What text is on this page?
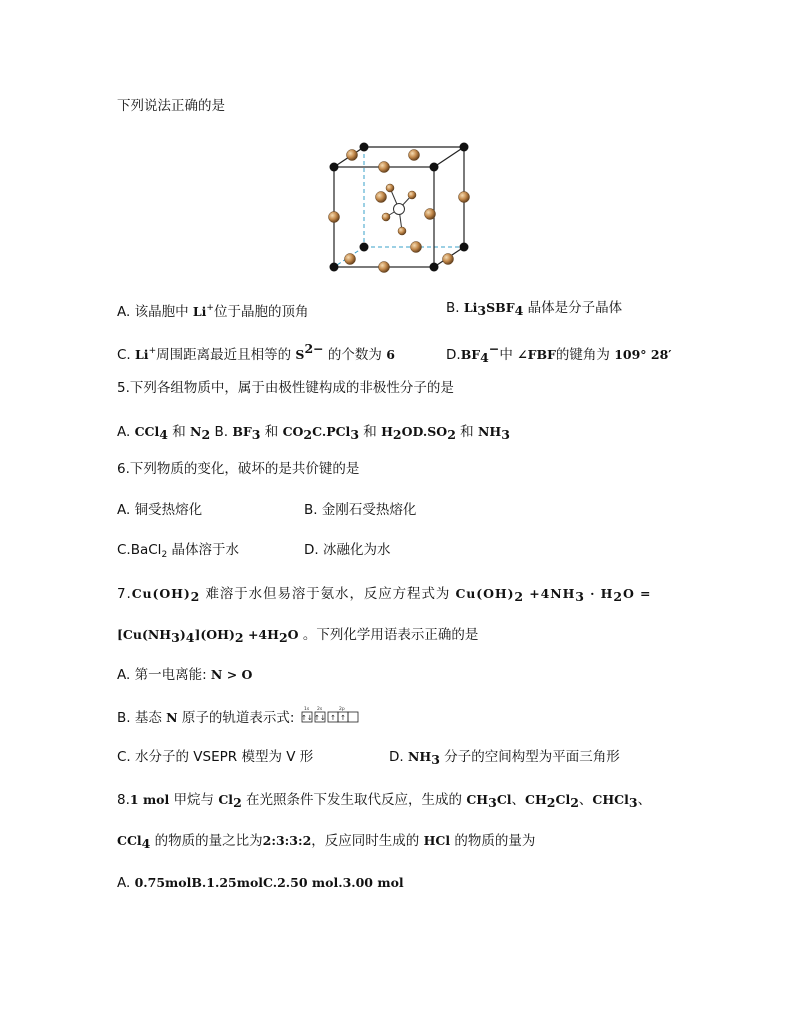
下列说法正确的是
A. 该晶胞中 Li+位于晶胞的顶角	B. $Li_3SBF_4$ 晶体是分子晶体
C. Li+周围距离最近且相等的 $S^{2-}$ 的个数为 6	$D.BF_4^-$中 ∠FBF的键角为 109° 28′
5.下列各组物质中，属于由极性键构成的非极性分子的是
A. CCl$_4$ 和 $N_2$ B. $BF_3$ 和 $CO_2C.PCl_3$ 和 $H_2OD.SO_2$ 和 $NH_3$
6.下列物质的变化，破坏的是共价键的是
A. 铜受热熔化	B. 金刚石受热熔化
C.BaCl$_2$ 晶体溶于水	D. 冰融化为水
$7.Cu(OH)_2$ 难溶于水但易溶于氨水，反应方程式为 $Cu(OH)_2 +4NH_3 \cdot H_2O$ =
$[Cu(NH_3)_4](OH)_2 +4H_2O$ 。下列化学用语表示正确的是
A. 第一电离能: N > O
B. 基态 N 原子的轨道表示式:
1s 2s	2p
↑↓ ↑↓ ↑ ↑
C. 水分子的 VSEPR 模型为 V 形	D. $NH_3$ 分子的空间构型为平面三角形
8.1 mol 甲烷与 $Cl_2$ 在光照条件下发生取代反应，生成的 $CH_3Cl$、$CH_2Cl_2$、CHCl$_3$、
CCl$_4$ 的物质的量之比为2:3:3:2，反应同时生成的 HCl 的物质的量为
A. 0.75molB.1.25molC.2.50 mol.3.00 mol
